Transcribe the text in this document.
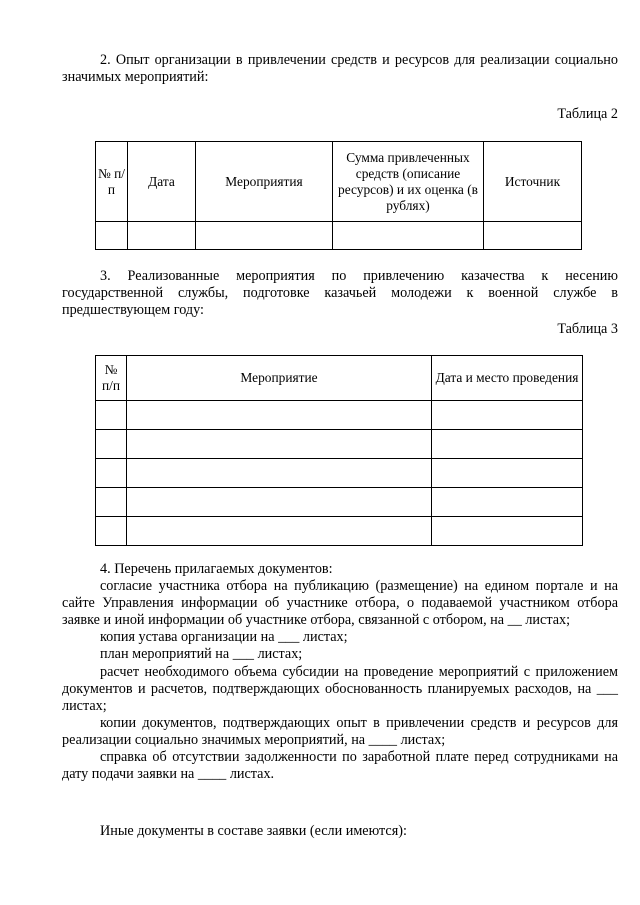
2. Опыт организации в привлечении средств и ресурсов для реализации социально значимых мероприятий:

Таблица 2
№ п/п	Дата	Мероприятия	Сумма привлеченных средств (описание ресурсов) и их оценка (в рублях)	Источник

3. Реализованные мероприятия по привлечению казачества к несению государственной службы, подготовке казачьей молодежи к военной службе в предшествующем году:

Таблица 3
№ п/п	Мероприятие	Дата и место проведения

4. Перечень прилагаемых документов:

согласие участника отбора на публикацию (размещение) на едином портале и на сайте Управления информации об участнике отбора, о подаваемой участником отбора заявке и иной информации об участнике отбора, связанной с отбором, на __ листах;

копия устава организации на ___ листах;

план мероприятий на ___ листах;

расчет необходимого объема субсидии на проведение мероприятий с приложением документов и расчетов, подтверждающих обоснованность планируемых расходов, на ___ листах;

копии документов, подтверждающих опыт в привлечении средств и ресурсов для реализации социально значимых мероприятий, на ____ листах;

справка об отсутствии задолженности по заработной плате перед сотрудниками на дату подачи заявки на ____ листах.

Иные документы в составе заявки (если имеются):
